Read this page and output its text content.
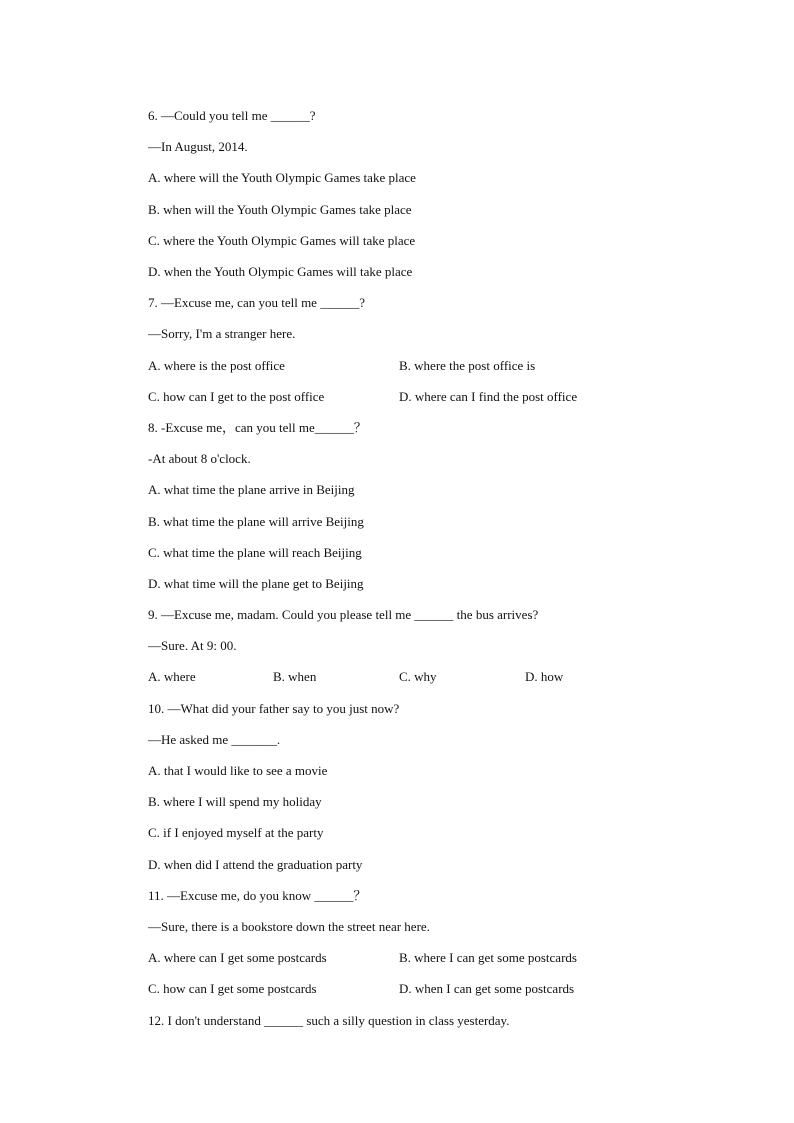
6. —Could you tell me ______?
—In August, 2014.
A. where will the Youth Olympic Games take place
B. when will the Youth Olympic Games take place
C. where the Youth Olympic Games will take place
D. when the Youth Olympic Games will take place
7. —Excuse me, can you tell me ______?
—Sorry, I'm a stranger here.
A. where is the post office	B. where the post office is
C. how can I get to the post office	D. where can I find the post office
8. -Excuse me，can you tell me______？
-At about 8 o'clock.
A. what time the plane arrive in Beijing
B. what time the plane will arrive Beijing
C. what time the plane will reach Beijing
D. what time will the plane get to Beijing
9. —Excuse me, madam. Could you please tell me ______ the bus arrives?
—Sure. At 9: 00.
A. where	B. when	C. why	D. how
10. —What did your father say to you just now?
—He asked me _______.
A. that I would like to see a movie
B. where I will spend my holiday
C. if I enjoyed myself at the party
D. when did I attend the graduation party
11. —Excuse me, do you know ______？
—Sure, there is a bookstore down the street near here.
A. where can I get some postcards	B. where I can get some postcards
C. how can I get some postcards	D. when I can get some postcards
12. I don't understand ______ such a silly question in class yesterday.
